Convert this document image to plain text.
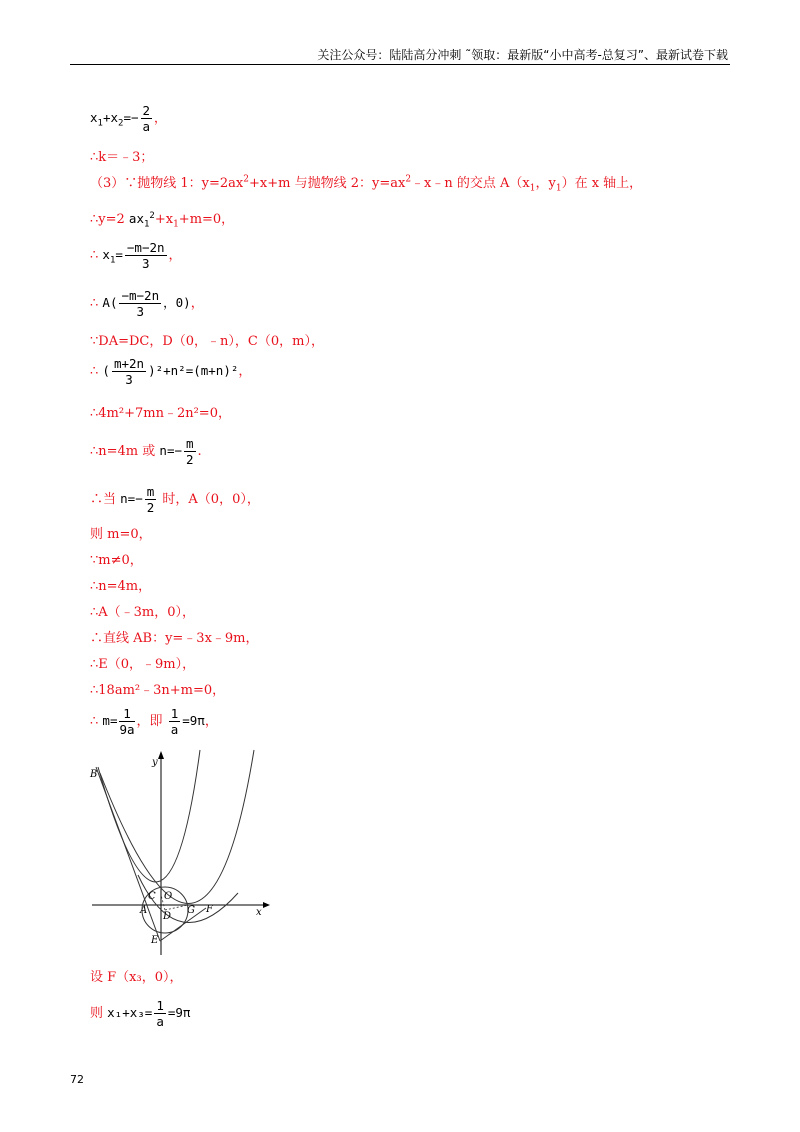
关注公众号：陆陆高分冲刺 ˜领取：最新版“小中高考-总复习”、最新试卷下载
$x_1+x_2=- \frac{2}{a}$ ，
∴k＝﹣3；
（3）∵抛物线 1：$y=2ax^2+x+m$ 与抛物线 2：$y=ax^2﹣x﹣n$ 的交点 $A(x_1$，$y_1$）在 x 轴上，
∴y=2 $ax_1^2+x_1+m=0$，
∴ $x_1= \frac{-m-2n}{3}$ ，
∴ $A( \frac{-m-2n}{3}$ ，0)，
∵DA=DC，D（0，﹣n），C（0，m），
∴ ( $\frac{m+2n}{3} )^2+n^2=(m+n)^2$，
∴4m²+7mn﹣2n²=0，
∴n=4m 或 $n=- \frac{m}{2}$ .
∴当 $n=- \frac{m}{2}$ 时，A（0，0），
则 m=0，
∵m≠0，
∴n=4m，
∴A（﹣3m，0），
∴直线 AB：y=﹣3x﹣9m，
∴E（0，﹣9m），
∴18am²﹣3n+m=0，
∴ $m= \frac{1}{9a}$ ，即 $\frac{1}{a} =9\pi$，
B
y
C O
A
D
G F	x
E
设 F（x₃，0），
则 $x_1+x_3= \frac{1}{a} =9\pi$
72
